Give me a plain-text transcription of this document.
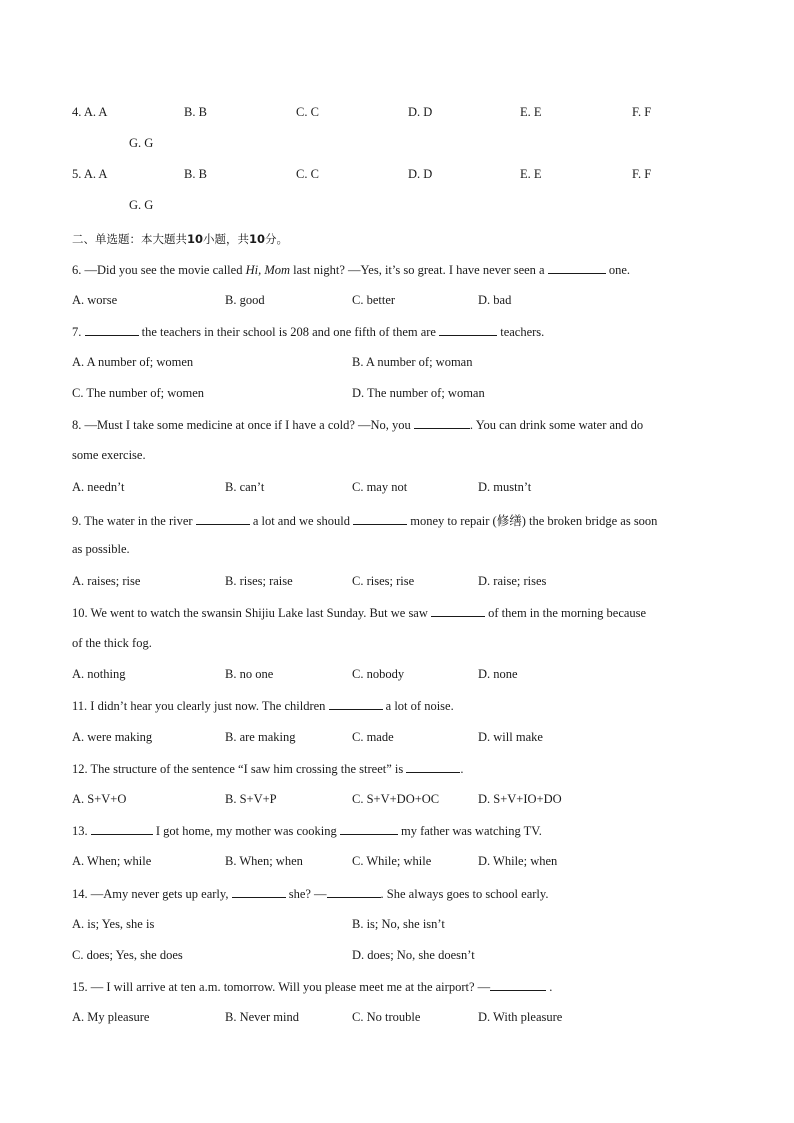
4. A. A	B. B	C. C	D. D	E. E	F. F
G. G
5. A. A	B. B	C. C	D. D	E. E	F. F
G. G
二、单选题：本大题共10小题，共10分。
6. —Did you see the movie called Hi, Mom last night? —Yes, it’s so great. I have never seen a	one.
A. worse	B. good	C. better	D. bad
7.	the teachers in their school is 208 and one fifth of them are	teachers.
A. A number of; women	B. A number of; woman
C. The number of; women	D. The number of; woman
8. —Must I take some medicine at once if I have a cold? —No, you	. You can drink some water and do
some exercise.
A. needn’t	B. can’t	C. may not	D. mustn’t
9. The water in the river	a lot and we should	money to repair (修缮) the broken bridge as soon
as possible.
A. raises; rise	B. rises; raise	C. rises; rise	D. raise; rises
10. We went to watch the swansin Shijiu Lake last Sunday. But we saw	of them in the morning because
of the thick fog.
A. nothing	B. no one	C. nobody	D. none
11. I didn’t hear you clearly just now. The children	a lot of noise.
A. were making	B. are making	C. made	D. will make
12. The structure of the sentence “I saw him crossing the street” is	.
A. S+V+O	B. S+V+P	C. S+V+DO+OC	D. S+V+IO+DO
13.	I got home, my mother was cooking	my father was watching TV.
A. When; while	B. When; when	C. While; while	D. While; when
14. —Amy never gets up early,	she? —	. She always goes to school early.
A. is; Yes, she is	B. is; No, she isn’t
C. does; Yes, she does	D. does; No, she doesn’t
15. — I will arrive at ten a.m. tomorrow. Will you please meet me at the airport? —	.
A. My pleasure	B. Never mind	C. No trouble	D. With pleasure
